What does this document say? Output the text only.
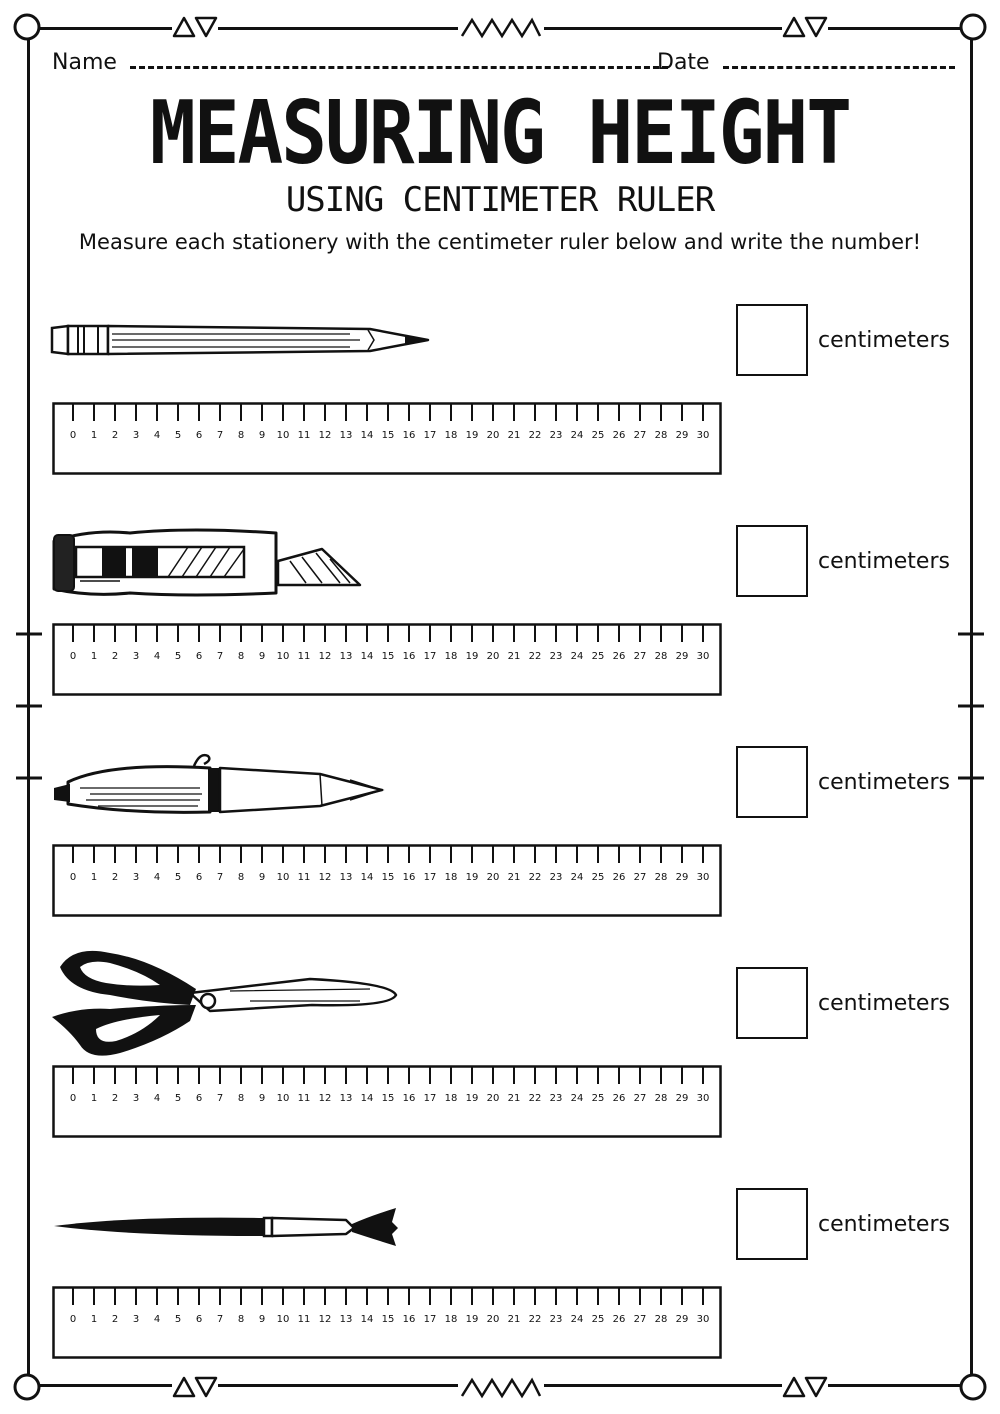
Name	Date
MEASURING HEIGHT
USING CENTIMETER RULER
Measure each stationery with the centimeter ruler below and write the number!
0 1 2 3 4 5 6 7 8 9 10 11 12 13 14 15 16 17 18 19 20 21 22 23 24 25 26 27 28 29 30
centimeters
0 1 2 3 4 5 6 7 8 9 10 11 12 13 14 15 16 17 18 19 20 21 22 23 24 25 26 27 28 29 30
centimeters
0 1 2 3 4 5 6 7 8 9 10 11 12 13 14 15 16 17 18 19 20 21 22 23 24 25 26 27 28 29 30
centimeters
0 1 2 3 4 5 6 7 8 9 10 11 12 13 14 15 16 17 18 19 20 21 22 23 24 25 26 27 28 29 30
centimeters
0 1 2 3 4 5 6 7 8 9 10 11 12 13 14 15 16 17 18 19 20 21 22 23 24 25 26 27 28 29 30
centimeters
